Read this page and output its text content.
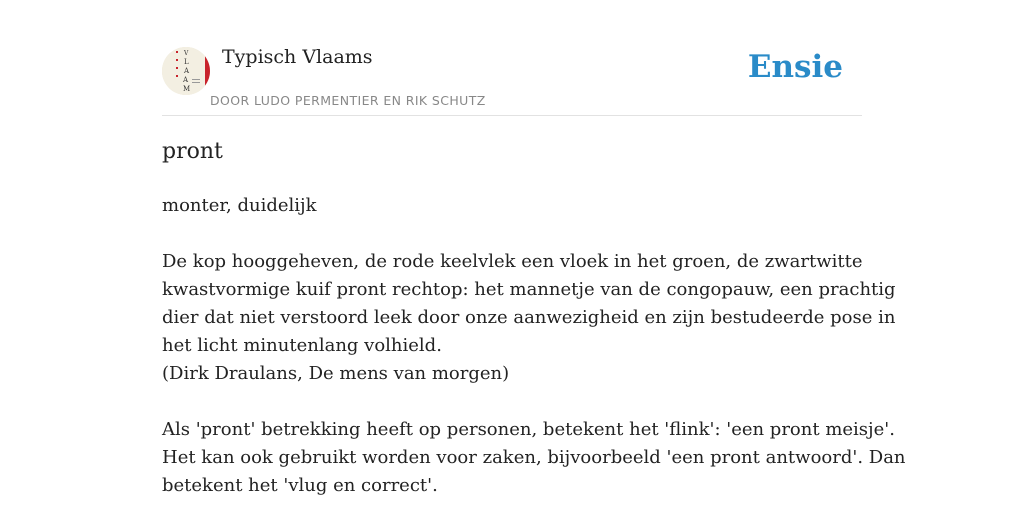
V
L
A
A
M
Typisch Vlaams
DOOR LUDO PERMENTIER EN RIK SCHUTZ
Ensie
pront

monter, duidelijk

De kop hooggeheven, de rode keelvlek een vloek in het groen, de zwartwitte
kwastvormige kuif pront rechtop: het mannetje van de congopauw, een prachtig
dier dat niet verstoord leek door onze aanwezigheid en zijn bestudeerde pose in
het licht minutenlang volhield.
(Dirk Draulans, De mens van morgen)

Als 'pront' betrekking heeft op personen, betekent het 'flink': 'een pront meisje'.
Het kan ook gebruikt worden voor zaken, bijvoorbeeld 'een pront antwoord'. Dan
betekent het 'vlug en correct'.
